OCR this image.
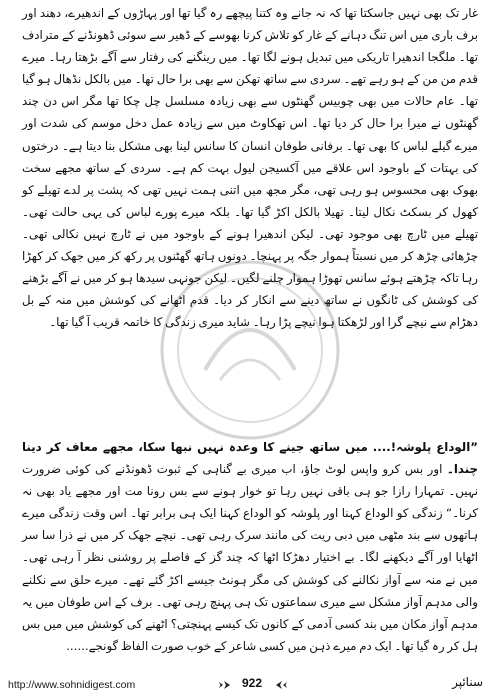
غار تک بھی نہیں جاسکتا تھا کہ نہ جانے وہ کتنا پیچھے رہ گیا تھا اور پہاڑوں کے اندھیرے، دھند اور برف باری میں اس تنگ دہانے کے غار کو تلاش کرنا بھوسے کے ڈھیر سے سوئی ڈھونڈنے کے مترادف تھا۔ ملگجا اندھیرا تاریکی میں تبدیل ہونے لگا تھا۔ میں رینگنے کی رفتار سے آگے بڑھتا رہا۔ میرے قدم من من کے ہو رہے تھے۔ سردی سے ساتھ تھکن سے بھی برا حال تھا۔ میں بالکل نڈھال ہو گیا تھا۔ عام حالات میں بھی چوبیس گھنٹوں سے بھی زیادہ مسلسل چل چکا تھا مگر اس دن چند گھنٹوں نے میرا برا حال کر دیا تھا۔ اس تھکاوٹ میں سے زیادہ عمل دخل موسم کی شدت اور میرے گیلے لباس کا بھی تھا۔ برفانی طوفان انسان کا سانس لینا بھی مشکل بنا دیتا ہے۔ درختوں کی بہتات کے باوجود اس علاقے میں آکسیجن لیول بہت کم ہے۔ سردی کے ساتھ مجھے سخت بھوک بھی محسوس ہو رہی تھی، مگر مجھ میں اتنی ہمت نہیں تھی کہ پشت پر لدے تھیلے کو کھول کر بسکٹ نکال لیتا۔ تھیلا بالکل اکڑ گیا تھا۔ بلکہ میرے پورے لباس کی یہی حالت تھی۔ تھیلے میں ٹارچ بھی موجود تھی۔ لیکن اندھیرا ہونے کے باوجود میں نے ٹارچ نہیں نکالی تھی۔ چڑھائی چڑھ کر میں نسبتاً ہموار جگہ پر پہنچا۔ دونوں ہاتھ گھٹنوں پر رکھ کر میں جھک کر کھڑا رہا تاکہ چڑھتے ہوئے سانس تھوڑا ہموار چلنے لگیں۔ لیکن جونہی سیدھا ہو کر میں نے آگے بڑھنے کی کوشش کی ٹانگوں نے ساتھ دینے سے انکار کر دیا۔ قدم اٹھانے کی کوشش میں منہ کے بل دھڑام سے نیچے گرا اور لڑھکتا ہوا نیچے پڑا رہا۔ شاید میری زندگی کا خاتمہ قریب آ گیا تھا۔

”الوداع پلوشہ!.... میں ساتھ جینے کا وعدہ نہیں نبھا سکا، مجھے معاف کر دینا چندا۔ اور بس کرو واپس لوٹ جاؤ، اب میری بے گناہی کے ثبوت ڈھونڈنے کی کوئی ضرورت نہیں۔ تمہارا رازا جو ہی باقی نہیں رہا تو خوار ہونے سے بس رونا مت اور مجھے یاد بھی نہ کرنا۔“ زندگی کو الوداع کہنا اور پلوشہ کو الوداع کہنا ایک ہی برابر تھا۔ اس وقت زندگی میرے ہاتھوں سے بند مٹھی میں دبی ریت کی مانند سرک رہی تھی۔ نیچے جھک کر میں نے ذرا سا سر اٹھایا اور آگے دیکھنے لگا۔ بے اختیار دھڑکا اٹھا کہ چند گز کے فاصلے پر روشنی نظر آ رہی تھی۔ میں نے منہ سے آواز نکالنے کی کوشش کی مگر ہونٹ جیسے اکڑ گئے تھے۔ میرے حلق سے نکلنے والی مدہم آواز مشکل سے میری سماعتوں تک ہی پہنچ رہی تھی۔ برف کے اس طوفان میں یہ مدہم آواز مکان میں بند کسی آدمی کے کانوں تک کیسے پہنچتی؟ اٹھنے کی کوشش میں میں بس ہل کر رہ گیا تھا۔ ایک دم میرے ذہن میں کسی شاعر کے خوب صورت الفاظ گونجے......

http://www.sohnidigest.com	922	سنائپر
